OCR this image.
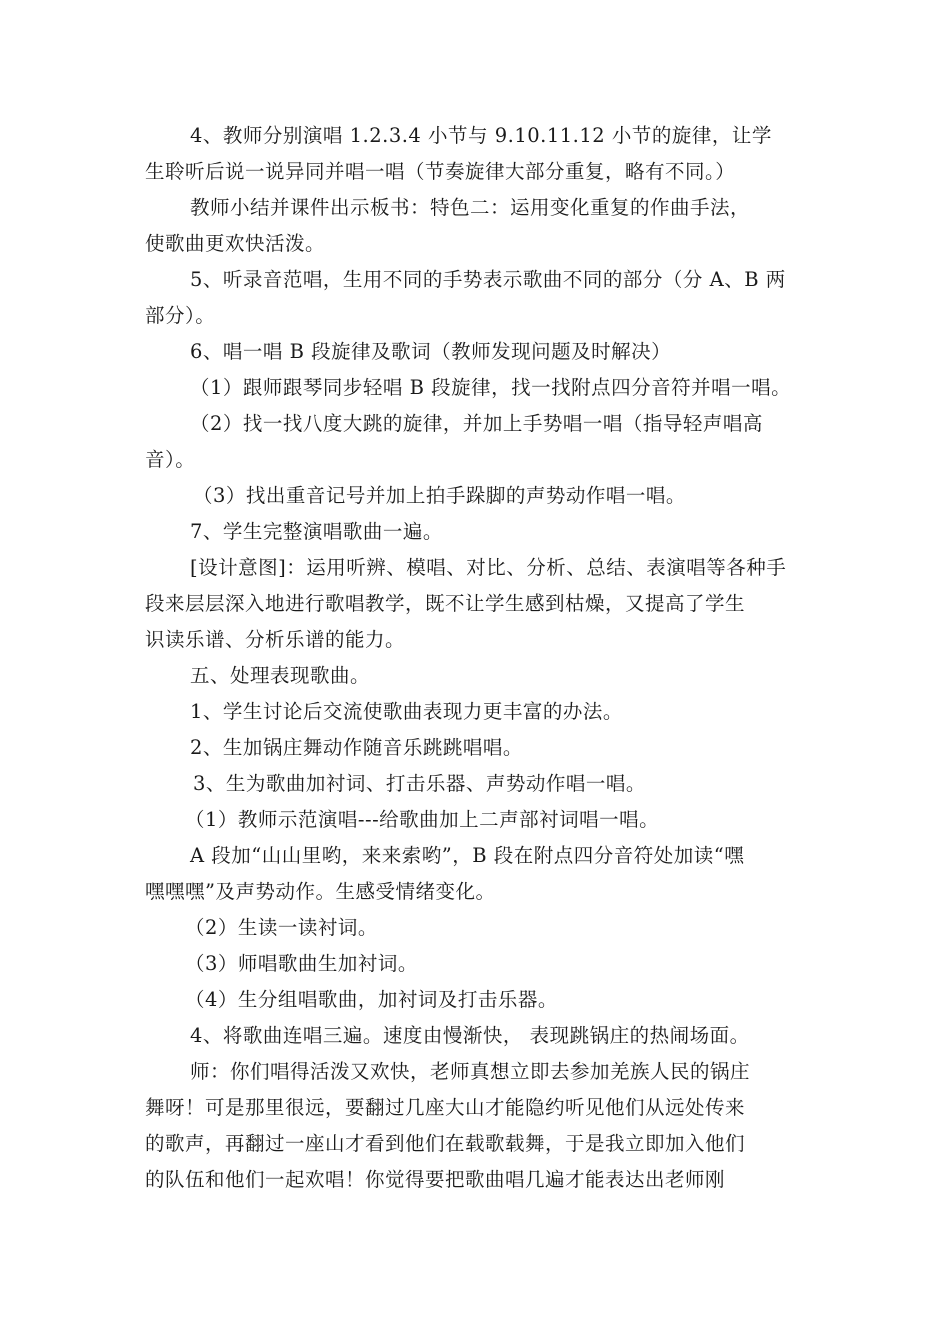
4、教师分别演唱 1.2.3.4 小节与 9.10.11.12 小节的旋律，让学
生聆听后说一说异同并唱一唱（节奏旋律大部分重复，略有不同。）
教师小结并课件出示板书：特色二：运用变化重复的作曲手法，
使歌曲更欢快活泼。
5、听录音范唱，生用不同的手势表示歌曲不同的部分（分 A、B 两
部分）。
6、唱一唱 B 段旋律及歌词（教师发现问题及时解决）
（1）跟师跟琴同步轻唱 B 段旋律，找一找附点四分音符并唱一唱。
（2）找一找八度大跳的旋律，并加上手势唱一唱（指导轻声唱高
音）。
（3）找出重音记号并加上拍手跺脚的声势动作唱一唱。
7、学生完整演唱歌曲一遍。
[设计意图]：运用听辨、模唱、对比、分析、总结、表演唱等各种手
段来层层深入地进行歌唱教学，既不让学生感到枯燥，又提高了学生
识读乐谱、分析乐谱的能力。
五、处理表现歌曲。
1、学生讨论后交流使歌曲表现力更丰富的办法。
2、生加锅庄舞动作随音乐跳跳唱唱。
3、生为歌曲加衬词、打击乐器、声势动作唱一唱。
（1）教师示范演唱---给歌曲加上二声部衬词唱一唱。
A 段加“山山里哟，来来索哟”，B 段在附点四分音符处加读“嘿
嘿嘿嘿”及声势动作。生感受情绪变化。
（2）生读一读衬词。
（3）师唱歌曲生加衬词。
（4）生分组唱歌曲，加衬词及打击乐器。
4、将歌曲连唱三遍。速度由慢渐快， 表现跳锅庄的热闹场面。
师：你们唱得活泼又欢快，老师真想立即去参加羌族人民的锅庄
舞呀！可是那里很远，要翻过几座大山才能隐约听见他们从远处传来
的歌声，再翻过一座山才看到他们在载歌载舞，于是我立即加入他们
的队伍和他们一起欢唱！你觉得要把歌曲唱几遍才能表达出老师刚
